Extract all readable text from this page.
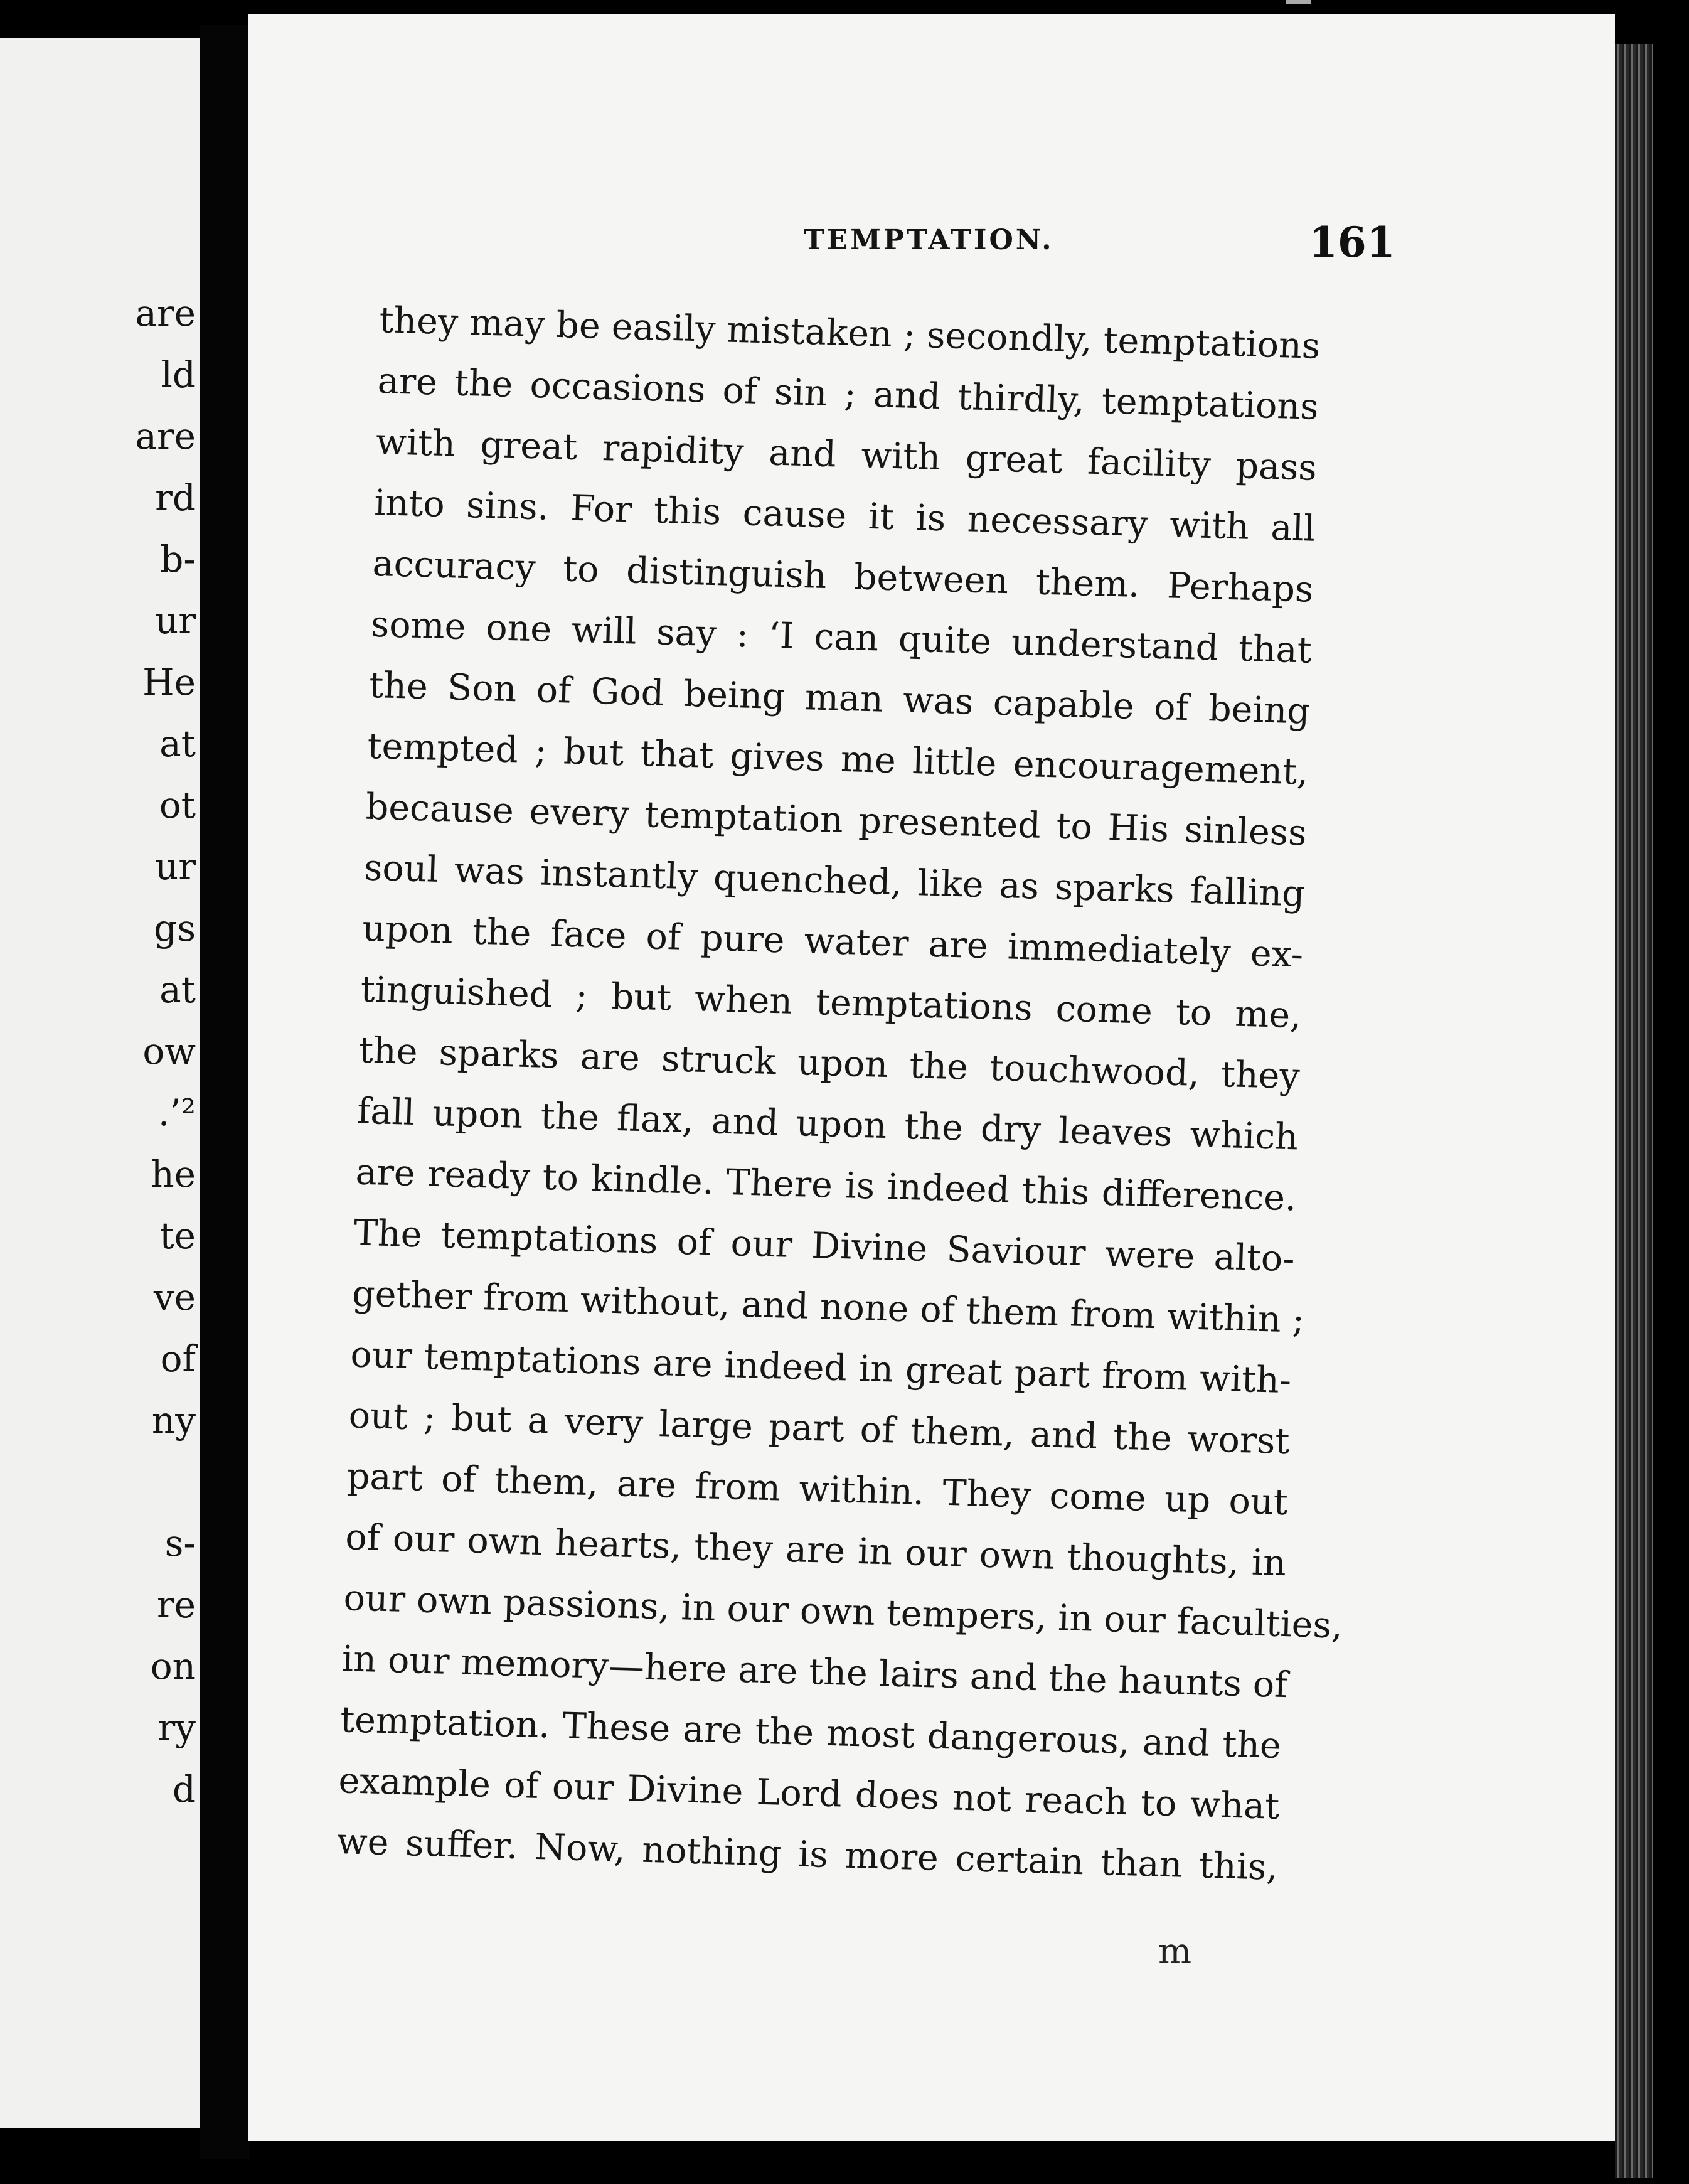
are
ld
are
rd
b-
ur
He
at
ot
ur
gs
at
ow
.’²
he
te
ve
of
ny
s-
re
on
ry
d
TEMPTATION.	161
they may be easily mistaken ; secondly, temptations
are the occasions of sin ; and thirdly, temptations
with great rapidity and with great facility pass
into sins. For this cause it is necessary with all
accuracy to distinguish between them. Perhaps
some one will say : ‘I can quite understand that
the Son of God being man was capable of being
tempted ; but that gives me little encouragement,
because every temptation presented to His sinless
soul was instantly quenched, like as sparks falling
upon the face of pure water are immediately ex-
tinguished ; but when temptations come to me,
the sparks are struck upon the touchwood, they
fall upon the flax, and upon the dry leaves which
are ready to kindle. There is indeed this difference.
The temptations of our Divine Saviour were alto-
gether from without, and none of them from within ;
our temptations are indeed in great part from with-
out ; but a very large part of them, and the worst
part of them, are from within. They come up out
of our own hearts, they are in our own thoughts, in
our own passions, in our own tempers, in our faculties,
in our memory—here are the lairs and the haunts of
temptation. These are the most dangerous, and the
example of our Divine Lord does not reach to what
we suffer. Now, nothing is more certain than this,
m
